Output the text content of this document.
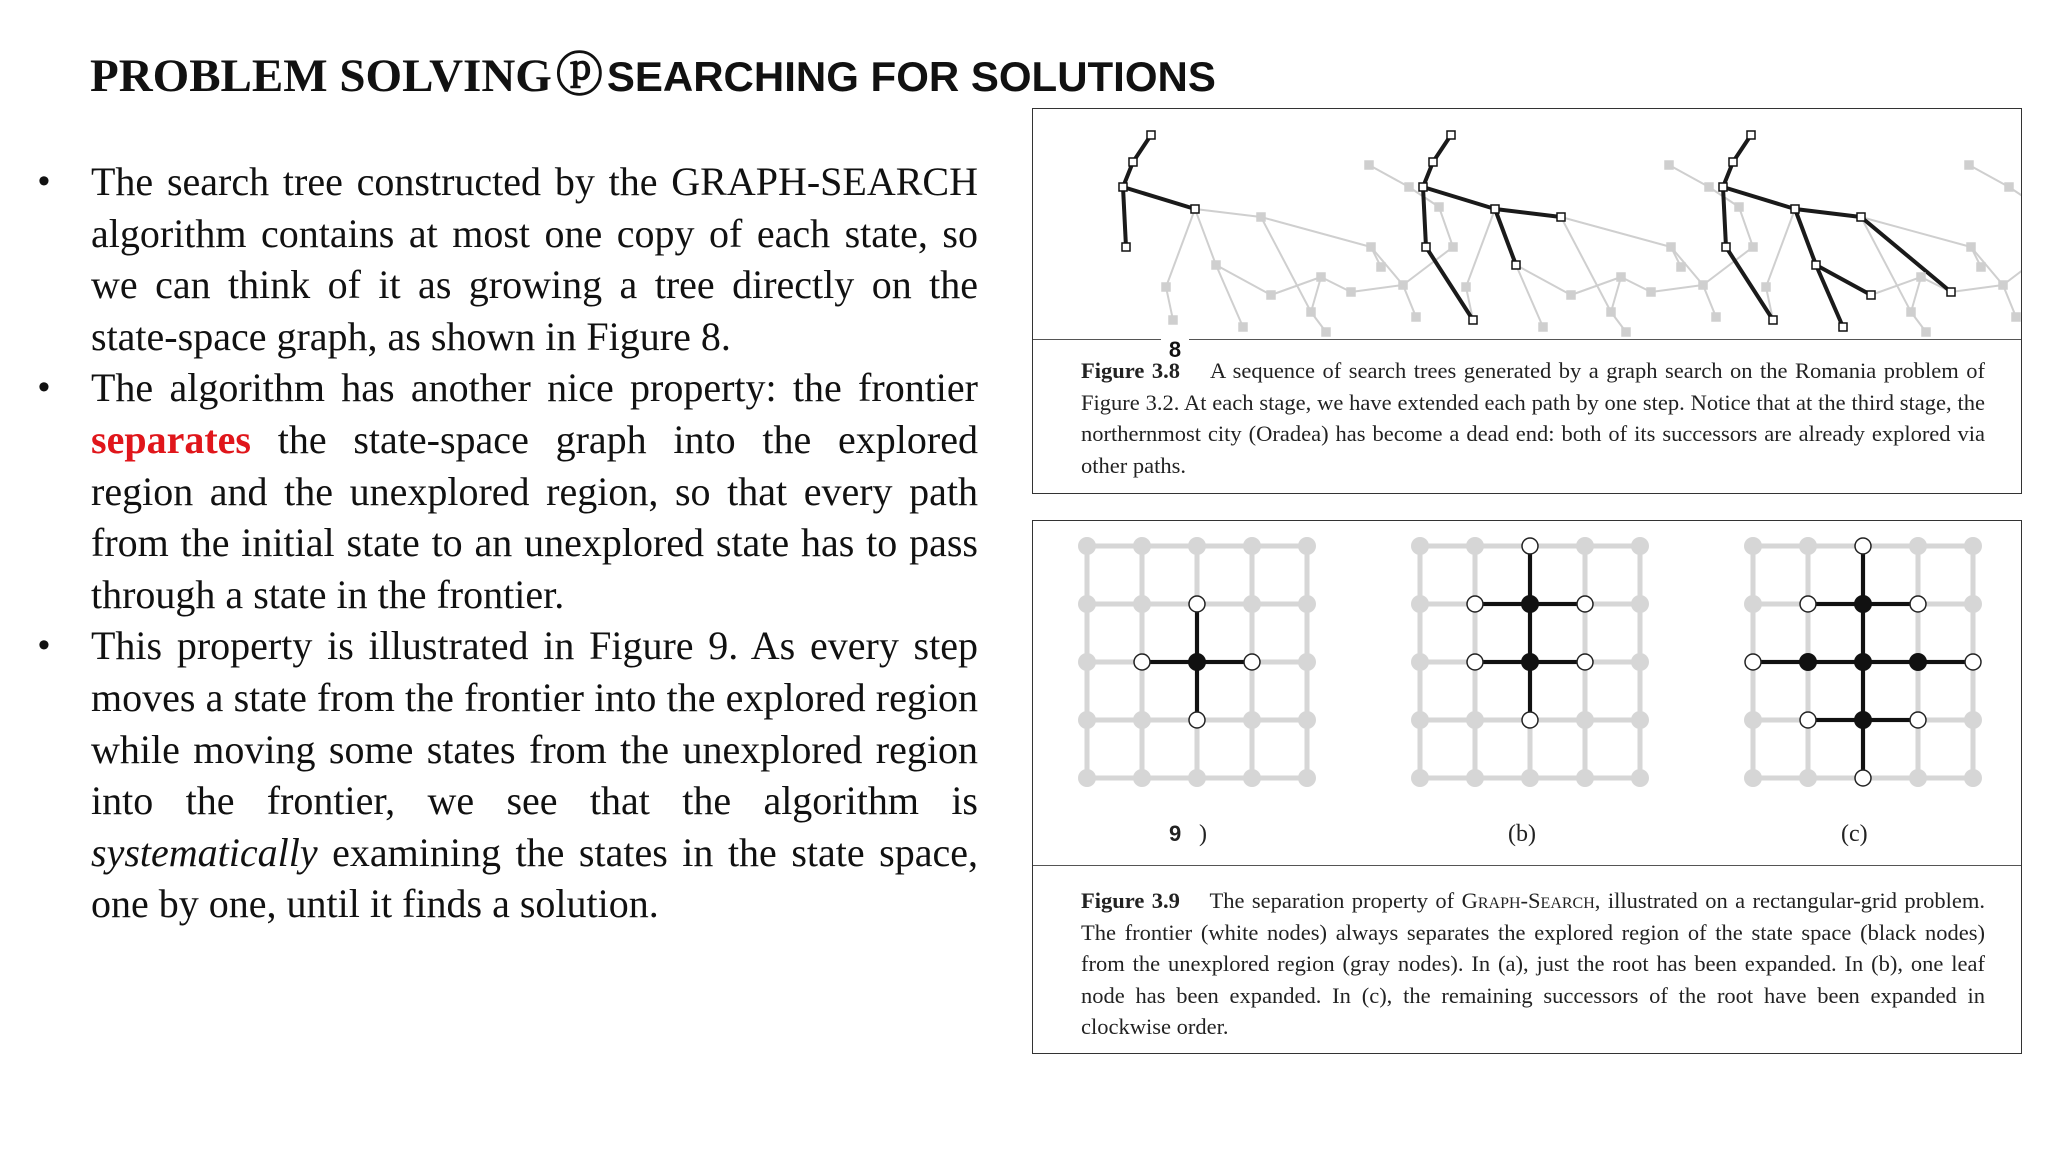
PROBLEM SOLVING ⓟ SEARCHING FOR SOLUTIONS
• The search tree constructed by the GRAPH-SEARCH algorithm contains at most one copy of each state, so we can think of it as growing a tree directly on the state-space graph, as shown in Figure 8.
• The algorithm has another nice property: the frontier separates the state-space graph into the explored region and the unexplored region, so that every path from the initial state to an unexplored state has to pass through a state in the frontier.
• This property is illustrated in Figure 9. As every step moves a state from the frontier into the explored region while moving some states from the unexplored region into the frontier, we see that the algorithm is systematically examining the states in the state space, one by one, until it finds a solution.
8
Figure 3.8 A sequence of search trees generated by a graph search on the Romania problem of Figure 3.2. At each stage, we have extended each path by one step. Notice that at the third stage, the northernmost city (Oradea) has become a dead end: both of its successors are already explored via other paths.
9 )	(b)	(c)
Figure 3.9 The separation property of Graph-Search, illustrated on a rectangular-grid problem. The frontier (white nodes) always separates the explored region of the state space (black nodes) from the unexplored region (gray nodes). In (a), just the root has been expanded. In (b), one leaf node has been expanded. In (c), the remaining successors of the root have been expanded in clockwise order.
